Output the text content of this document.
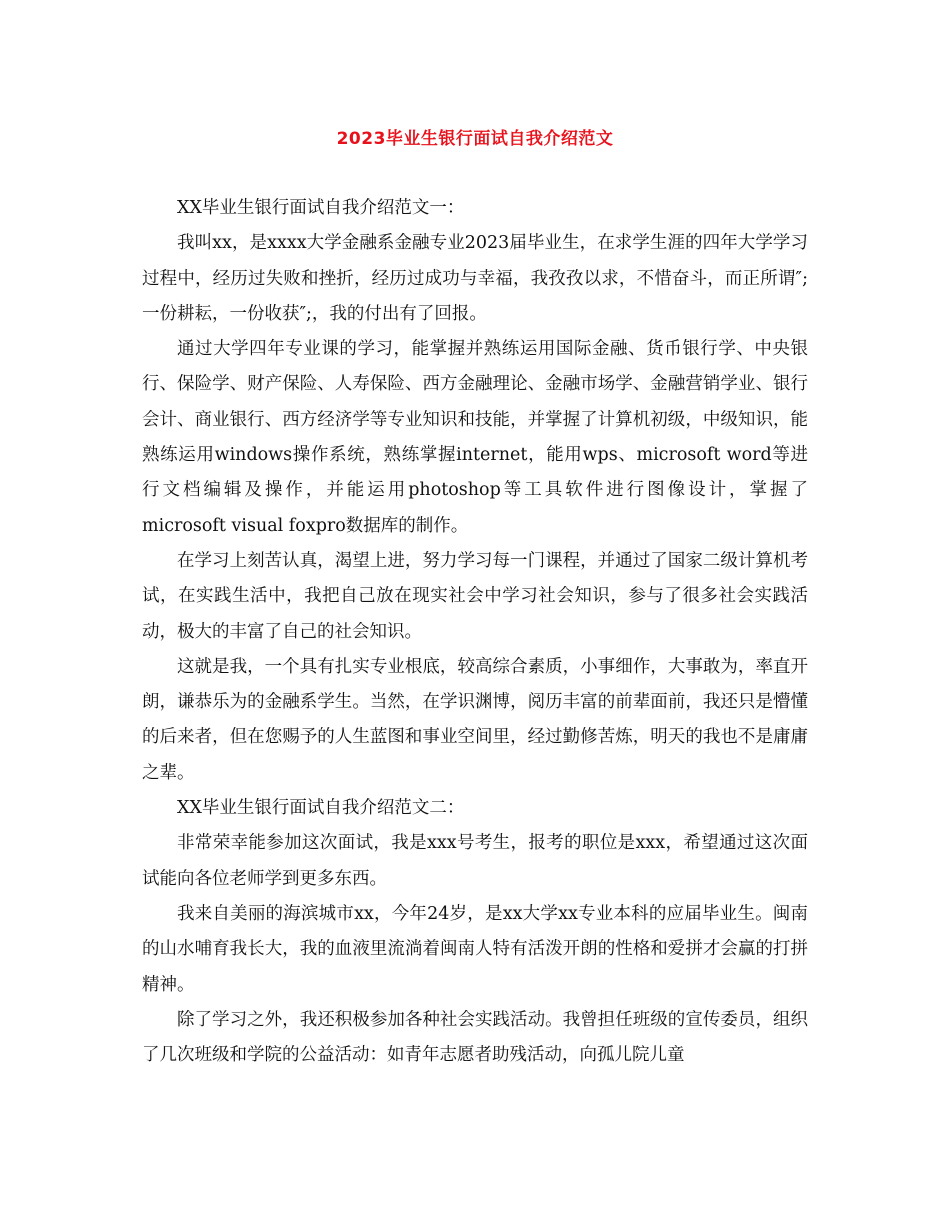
2023毕业生银行面试自我介绍范文

XX毕业生银行面试自我介绍范文一：

我叫xx，是xxxx大学金融系金融专业2023届毕业生，在求学生涯的四年大学学习过程中，经历过失败和挫折，经历过成功与幸福，我孜孜以求，不惜奋斗，而正所谓″;一份耕耘，一份收获″;，我的付出有了回报。

通过大学四年专业课的学习，能掌握并熟练运用国际金融、货币银行学、中央银行、保险学、财产保险、人寿保险、西方金融理论、金融市场学、金融营销学业、银行会计、商业银行、西方经济学等专业知识和技能，并掌握了计算机初级，中级知识，能熟练运用windows操作系统，熟练掌握internet，能用wps、microsoft word等进行文档编辑及操作，并能运用photoshop等工具软件进行图像设计，掌握了microsoft visual foxpro数据库的制作。

在学习上刻苦认真，渴望上进，努力学习每一门课程，并通过了国家二级计算机考试，在实践生活中，我把自己放在现实社会中学习社会知识，参与了很多社会实践活动，极大的丰富了自己的社会知识。

这就是我，一个具有扎实专业根底，较高综合素质，小事细作，大事敢为，率直开朗，谦恭乐为的金融系学生。当然，在学识渊博，阅历丰富的前辈面前，我还只是懵懂的后来者，但在您赐予的人生蓝图和事业空间里，经过勤修苦炼，明天的我也不是庸庸之辈。

XX毕业生银行面试自我介绍范文二：

非常荣幸能参加这次面试，我是xxx号考生，报考的职位是xxx，希望通过这次面试能向各位老师学到更多东西。

我来自美丽的海滨城市xx，今年24岁，是xx大学xx专业本科的应届毕业生。闽南的山水哺育我长大，我的血液里流淌着闽南人特有活泼开朗的性格和爱拼才会赢的打拼精神。

除了学习之外，我还积极参加各种社会实践活动。我曾担任班级的宣传委员，组织了几次班级和学院的公益活动：如青年志愿者助残活动，向孤儿院儿童
